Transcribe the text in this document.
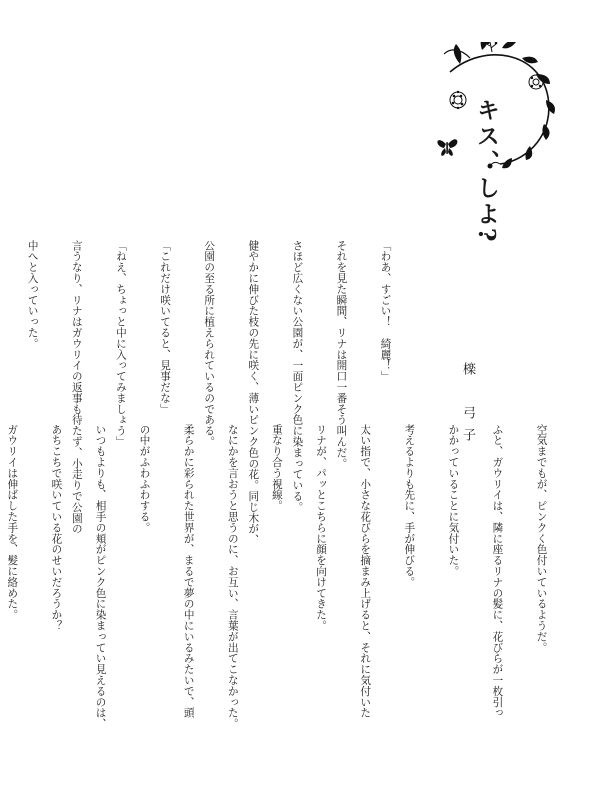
キス、しよ?
檪　弓子

「わあ、すごい！　綺麗！」

それを見た瞬間、リナは開口一番そう叫んだ。

さほど広くない公園が、一面ピンク色に染まっている。

健やかに伸びた枝の先に咲く、薄いピンク色の花。同じ木が、

公園の至る所に植えられているのである。

「これだけ咲いてると、見事だな」

「ねえ、ちょっと中に入ってみましょう」

言うなり、リナはガウリイの返事も待たず、小走りで公園の

中へと入っていった。

空気までもが、ピンクく色付いているようだ。

ふと、ガウリイは、隣に座るリナの髪に、花びらが一枚引っ

かかっていることに気付いた。

考えるよりも先に、手が伸びる。

太い指で、小さな花びらを摘まみ上げると、それに気付いた

リナが、パッとこちらに顔を向けてきた。

重なり合う視線。

なにかを言おうと思うのに、お互い、言葉が出てこなかった。

柔らかに彩られた世界が、まるで夢の中にいるみたいで、頭

の中がふわふわする。

いつもよりも、相手の頬がピンク色に染まってい見えるのは、

あちこちで咲いている花のせいだろうか？

ガウリイは伸ばした手を、髪に絡めた。
